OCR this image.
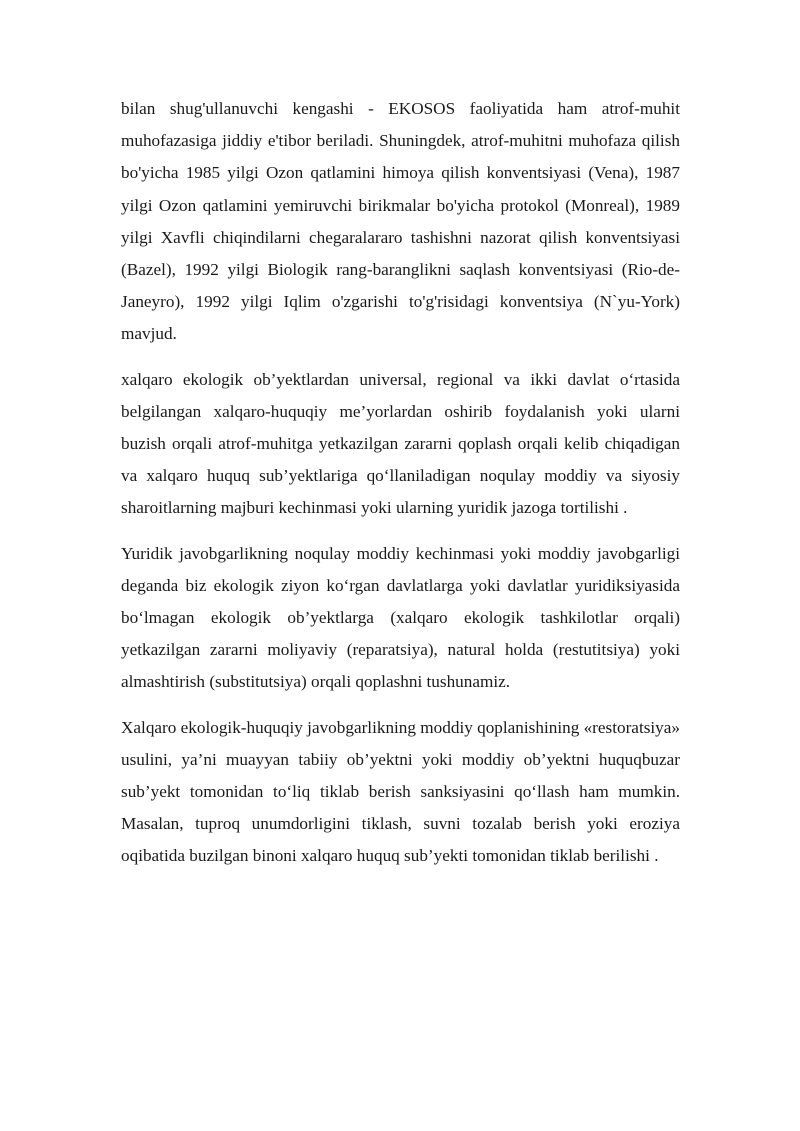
bilan shug'ullanuvchi kengashi - EKOSOS faoliyatida ham atrof-muhit muhofazasiga jiddiy e'tibor beriladi. Shuningdek, atrof-muhitni muhofaza qilish bo'yicha 1985 yilgi Ozon qatlamini himoya qilish konventsiyasi (Vena), 1987 yilgi Ozon qatlamini yemiruvchi birikmalar bo'yicha protokol (Monreal), 1989 yilgi Xavfli chiqindilarni chegaralararo tashishni nazorat qilish konventsiyasi (Bazel), 1992 yilgi Biologik rang-baranglikni saqlash konventsiyasi (Rio-de-Janeyro), 1992 yilgi Iqlim o'zgarishi to'g'risidagi konventsiya (N`yu-York) mavjud.

xalqaro ekologik ob’yektlardan universal, regional va ikki davlat o‘rtasida belgilangan xalqaro-huquqiy me’yorlardan oshirib foydalanish yoki ularni buzish orqali atrof-muhitga yetkazilgan zararni qoplash orqali kelib chiqadigan va xalqaro huquq sub’yektlariga qo‘llaniladigan noqulay moddiy va siyosiy sharoitlarning majburi kechinmasi yoki ularning yuridik jazoga tortilishi .

Yuridik javobgarlikning noqulay moddiy kechinmasi yoki moddiy javobgarligi deganda biz ekologik ziyon ko‘rgan davlatlarga yoki davlatlar yuridiksiyasida bo‘lmagan ekologik ob’yektlarga (xalqaro ekologik tashkilotlar orqali) yetkazilgan zararni moliyaviy (reparatsiya), natural holda (restutitsiya) yoki almashtirish (substitutsiya) orqali qoplashni tushunamiz.

Xalqaro ekologik-huquqiy javobgarlikning moddiy qoplanishining «restoratsiya» usulini, ya’ni muayyan tabiiy ob’yektni yoki moddiy ob’yektni huquqbuzar sub’yekt tomonidan to‘liq tiklab berish sanksiyasini qo‘llash ham mumkin. Masalan, tuproq unumdorligini tiklash, suvni tozalab berish yoki eroziya oqibatida buzilgan binoni xalqaro huquq sub’yekti tomonidan tiklab berilishi .
